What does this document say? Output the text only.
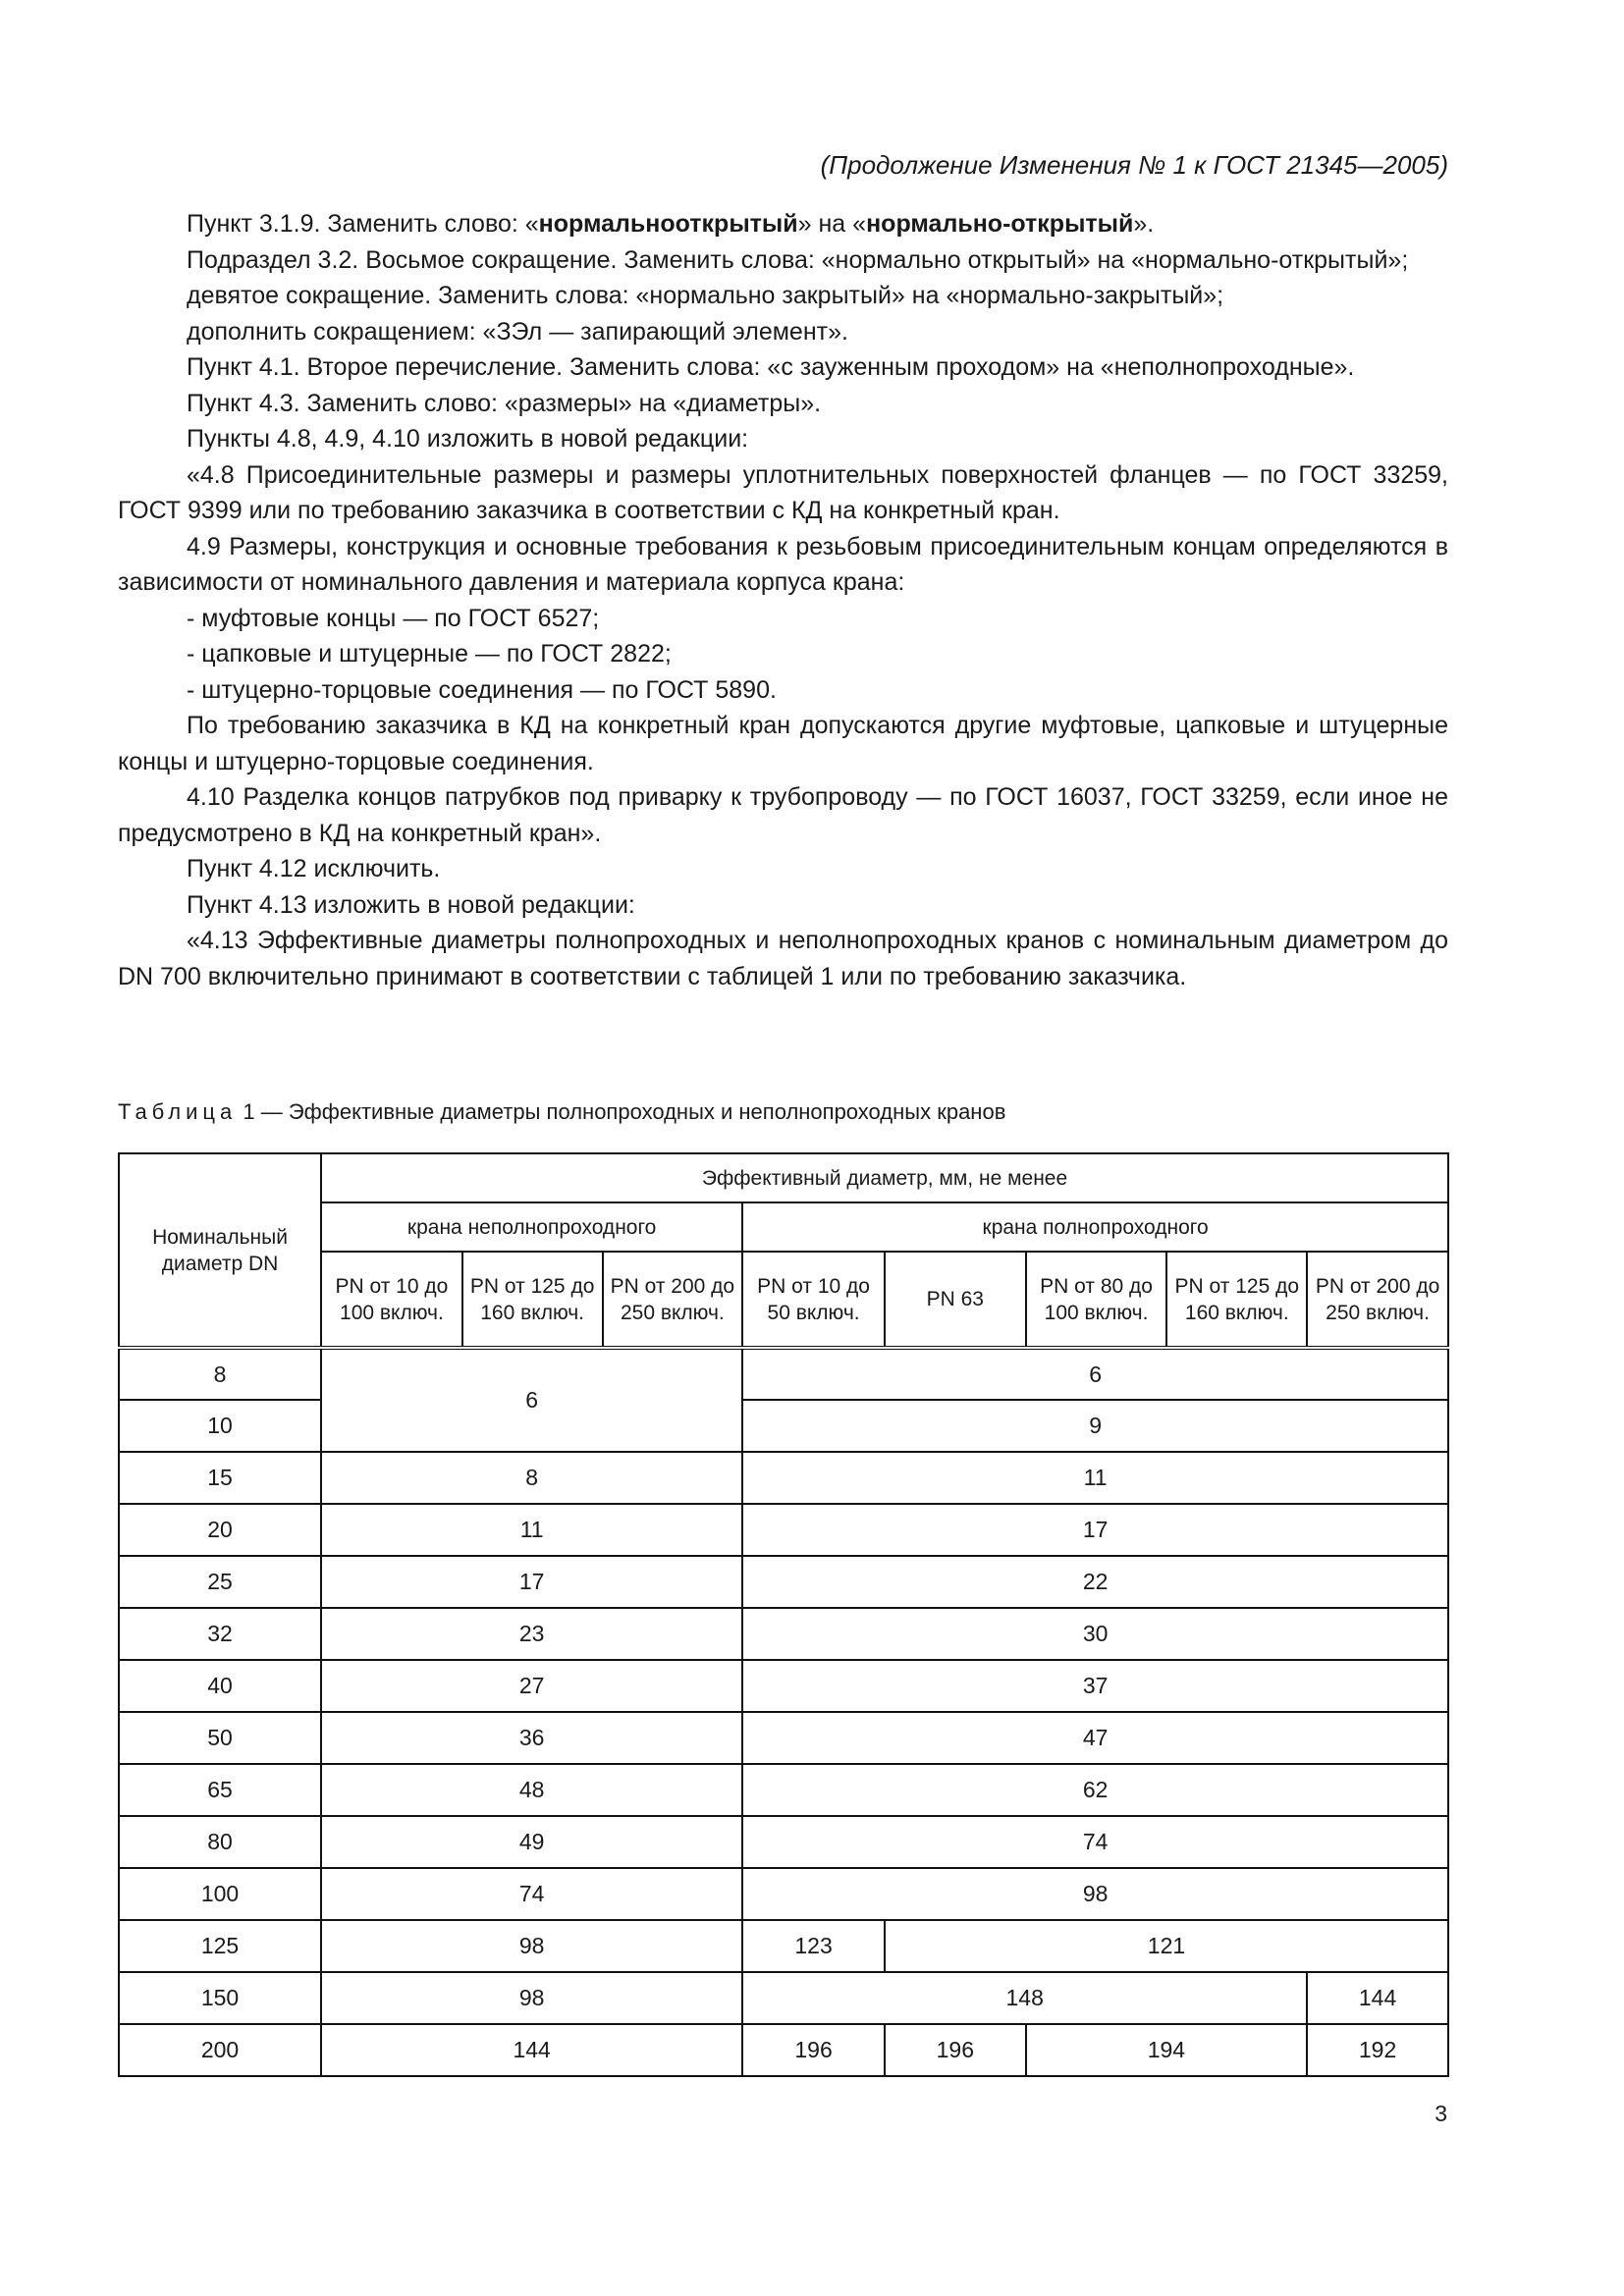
(Продолжение Изменения № 1 к ГОСТ 21345—2005)

Пункт 3.1.9. Заменить слово: «нормальнооткрытый» на «нормально-открытый».

Подраздел 3.2. Восьмое сокращение. Заменить слова: «нормально открытый» на «нормально-открытый»;

девятое сокращение. Заменить слова: «нормально закрытый» на «нормально-закрытый»;

дополнить сокращением: «ЗЭл — запирающий элемент».

Пункт 4.1. Второе перечисление. Заменить слова: «с зауженным проходом» на «неполнопроходные».

Пункт 4.3. Заменить слово: «размеры» на «диаметры».

Пункты 4.8, 4.9, 4.10 изложить в новой редакции:

«4.8 Присоединительные размеры и размеры уплотнительных поверхностей фланцев — по ГОСТ 33259, ГОСТ 9399 или по требованию заказчика в соответствии с КД на конкретный кран.

4.9 Размеры, конструкция и основные требования к резьбовым присоединительным концам определяются в зависимости от номинального давления и материала корпуса крана:

- муфтовые концы — по ГОСТ 6527;

- цапковые и штуцерные — по ГОСТ 2822;

- штуцерно-торцовые соединения — по ГОСТ 5890.

По требованию заказчика в КД на конкретный кран допускаются другие муфтовые, цапковые и штуцерные концы и штуцерно-торцовые соединения.

4.10 Разделка концов патрубков под приварку к трубопроводу — по ГОСТ 16037, ГОСТ 33259, если иное не предусмотрено в КД на конкретный кран».

Пункт 4.12 исключить.

Пункт 4.13 изложить в новой редакции:

«4.13 Эффективные диаметры полнопроходных и неполнопроходных кранов с номинальным диаметром до DN 700 включительно принимают в соответствии с таблицей 1 или по требованию заказчика.

Таблица 1 — Эффективные диаметры полнопроходных и неполнопроходных кранов
Номинальный диаметр DN	Эффективный диаметр, мм, не менее							
	крана неполнопроходного			крана полнопроходного				
	PN от 10 до 100 включ.	PN от 125 до 160 включ.	PN от 200 до 250 включ.	PN от 10 до 50 включ.	PN 63	PN от 80 до 100 включ.	PN от 125 до 160 включ.	PN от 200 до 250 включ.
8	6			6				
10				9				
15	8			11				
20	11			17				
25	17			22				
32	23			30				
40	27			37				
50	36			47				
65	48			62				
80	49			74				
100	74			98				
125	98			123	121			
150	98			148				144
200	144			196	196	194		192
3
